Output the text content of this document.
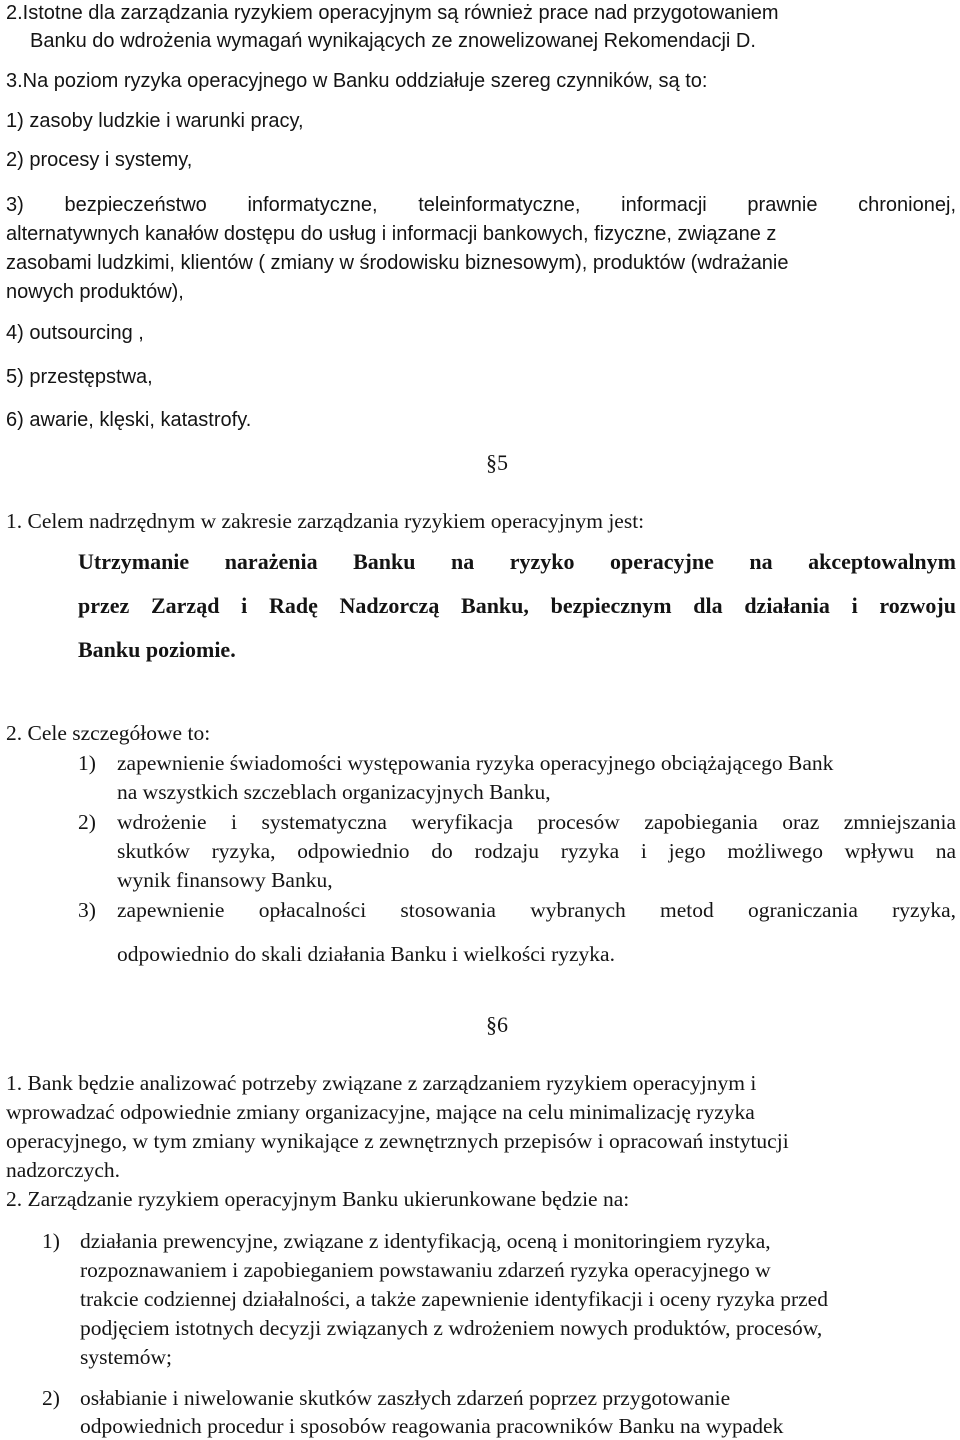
2.Istotne dla zarządzania ryzykiem operacyjnym są również prace nad przygotowaniem
Banku do wdrożenia wymagań wynikających ze znowelizowanej Rekomendacji D.
3.Na poziom ryzyka operacyjnego w Banku oddziałuje szereg czynników, są to:
1) zasoby ludzkie i warunki pracy,
2) procesy i systemy,
3) bezpieczeństwo informatyczne, teleinformatyczne, informacji prawnie chronionej,
alternatywnych kanałów dostępu do usług i informacji bankowych, fizyczne, związane z
zasobami ludzkimi, klientów ( zmiany w środowisku biznesowym), produktów (wdrażanie
nowych produktów),
4) outsourcing ,
5) przestępstwa,
6) awarie, klęski, katastrofy.
§5
1. Celem nadrzędnym w zakresie zarządzania ryzykiem operacyjnym jest:
Utrzymanie narażenia Banku na ryzyko operacyjne na akceptowalnym
przez Zarząd i Radę Nadzorczą Banku, bezpiecznym dla działania i rozwoju
Banku poziomie.
2. Cele szczegółowe to:
1) zapewnienie świadomości występowania ryzyka operacyjnego obciążającego Bank
na wszystkich szczeblach organizacyjnych Banku,
2) wdrożenie i systematyczna weryfikacja procesów zapobiegania oraz zmniejszania
skutków ryzyka, odpowiednio do rodzaju ryzyka i jego możliwego wpływu na
wynik finansowy Banku,
3) zapewnienie opłacalności stosowania wybranych metod ograniczania ryzyka,
odpowiednio do skali działania Banku i wielkości ryzyka.
§6
1. Bank będzie analizować potrzeby związane z zarządzaniem ryzykiem operacyjnym i
wprowadzać odpowiednie zmiany organizacyjne, mające na celu minimalizację ryzyka
operacyjnego, w tym zmiany wynikające z zewnętrznych przepisów i opracowań instytucji
nadzorczych.
2. Zarządzanie ryzykiem operacyjnym Banku ukierunkowane będzie na:
1) działania prewencyjne, związane z identyfikacją, oceną i monitoringiem ryzyka,
rozpoznawaniem i zapobieganiem powstawaniu zdarzeń ryzyka operacyjnego w
trakcie codziennej działalności, a także zapewnienie identyfikacji i oceny ryzyka przed
podjęciem istotnych decyzji związanych z wdrożeniem nowych produktów, procesów,
systemów;
2) osłabianie i niwelowanie skutków zaszłych zdarzeń poprzez przygotowanie
odpowiednich procedur i sposobów reagowania pracowników Banku na wypadek
